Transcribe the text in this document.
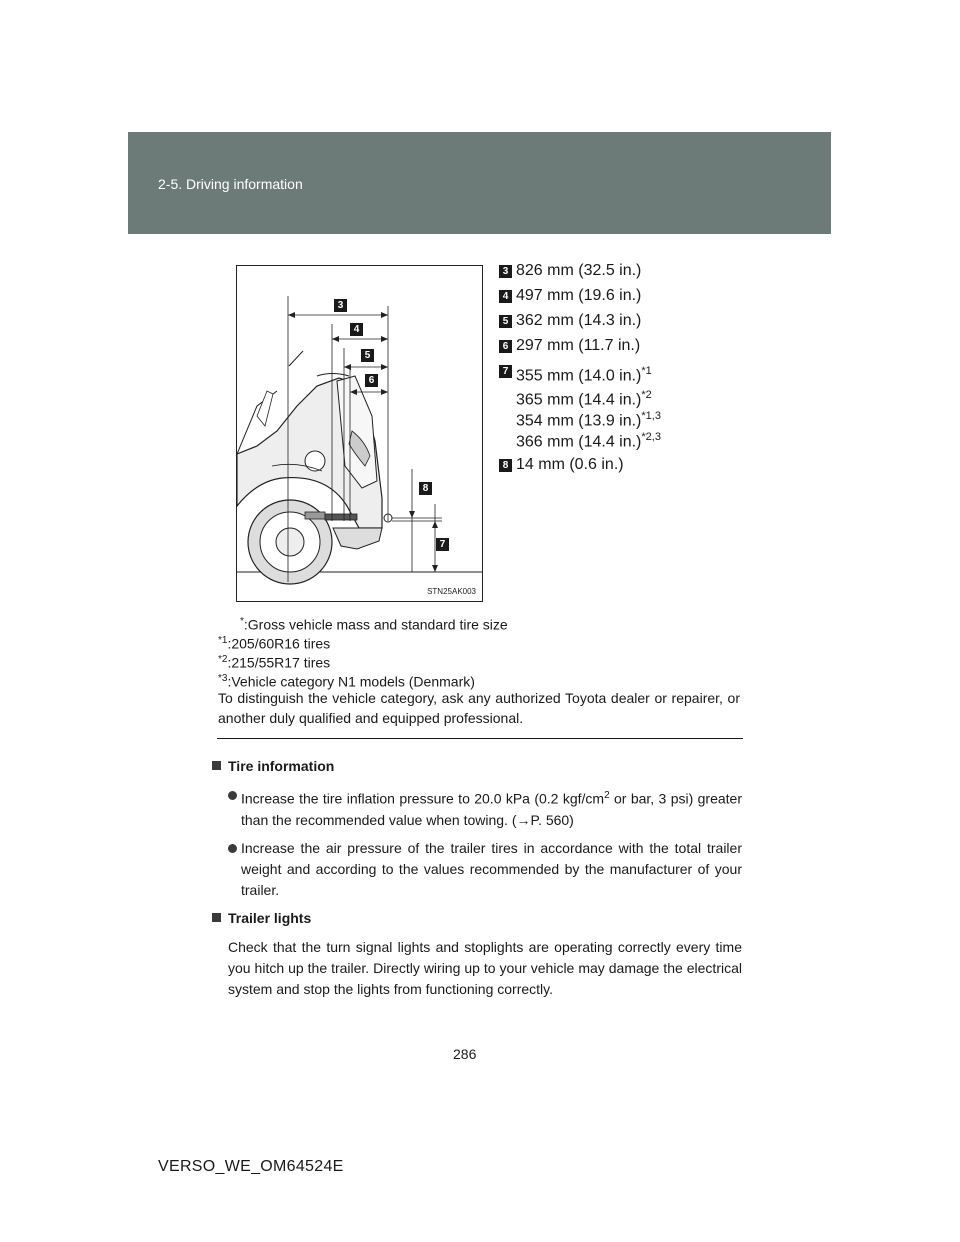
2-5. Driving information
3
4
5
6
7
8
STN25AK003
3 826 mm (32.5 in.)
4 497 mm (19.6 in.)
5 362 mm (14.3 in.)
6 297 mm (11.7 in.)
7 355 mm (14.0 in.)$^{*1}$
365 mm (14.4 in.)$^{*2}$
354 mm (13.9 in.)$^{*1,3}$
366 mm (14.4 in.)$^{*2,3}$
8 14 mm (0.6 in.)
*:Gross vehicle mass and standard tire size
$^{*1}$:205/60R16 tires
$^{*2}$:215/55R17 tires
$^{*3}$:Vehicle category N1 models (Denmark)
To distinguish the vehicle category, ask any authorized Toyota dealer or repairer, or another duly qualified and equipped professional.
Tire information
Increase the tire inflation pressure to 20.0 kPa (0.2 kgf/$cm^2$ or bar, 3 psi) greater than the recommended value when towing. (→P. 560)
Increase the air pressure of the trailer tires in accordance with the total trailer weight and according to the values recommended by the manufacturer of your trailer.
Trailer lights
Check that the turn signal lights and stoplights are operating correctly every time you hitch up the trailer. Directly wiring up to your vehicle may damage the electrical system and stop the lights from functioning correctly.
286
VERSO_WE_OM64524E
